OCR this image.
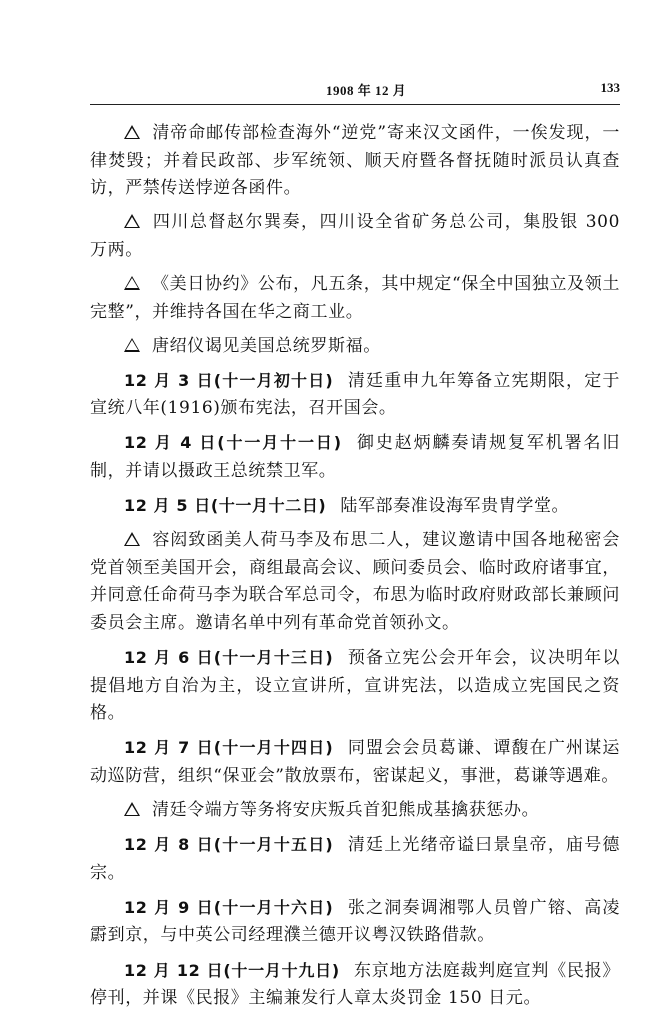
1908 年 12 月	133

清帝命邮传部检查海外“逆党”寄来汉文函件，一俟发现，一律焚毁；并着民政部、步军统领、顺天府暨各督抚随时派员认真查访，严禁传送悖逆各函件。

四川总督赵尔巽奏，四川设全省矿务总公司，集股银 300 万两。

《美日协约》公布，凡五条，其中规定“保全中国独立及领土完整”，并维持各国在华之商工业。

唐绍仪谒见美国总统罗斯福。

12 月 3 日(十一月初十日) 清廷重申九年筹备立宪期限，定于宣统八年(1916)颁布宪法，召开国会。

12 月 4 日(十一月十一日) 御史赵炳麟奏请规复军机署名旧制，并请以摄政王总统禁卫军。

12 月 5 日(十一月十二日) 陆军部奏准设海军贵胄学堂。

容闳致函美人荷马李及布思二人，建议邀请中国各地秘密会党首领至美国开会，商组最高会议、顾问委员会、临时政府诸事宜，并同意任命荷马李为联合军总司令，布思为临时政府财政部长兼顾问委员会主席。邀请名单中列有革命党首领孙文。

12 月 6 日(十一月十三日) 预备立宪公会开年会，议决明年以提倡地方自治为主，设立宣讲所，宣讲宪法，以造成立宪国民之资格。

12 月 7 日(十一月十四日) 同盟会会员葛谦、谭馥在广州谋运动巡防营，组织“保亚会”散放票布，密谋起义，事泄，葛谦等遇难。

清廷令端方等务将安庆叛兵首犯熊成基擒获惩办。

12 月 8 日(十一月十五日) 清廷上光绪帝谥曰景皇帝，庙号德宗。

12 月 9 日(十一月十六日) 张之洞奏调湘鄂人员曾广镕、高凌霨到京，与中英公司经理濮兰德开议粤汉铁路借款。

12 月 12 日(十一月十九日) 东京地方法庭裁判庭宣判《民报》停刊，并课《民报》主编兼发行人章太炎罚金 150 日元。
